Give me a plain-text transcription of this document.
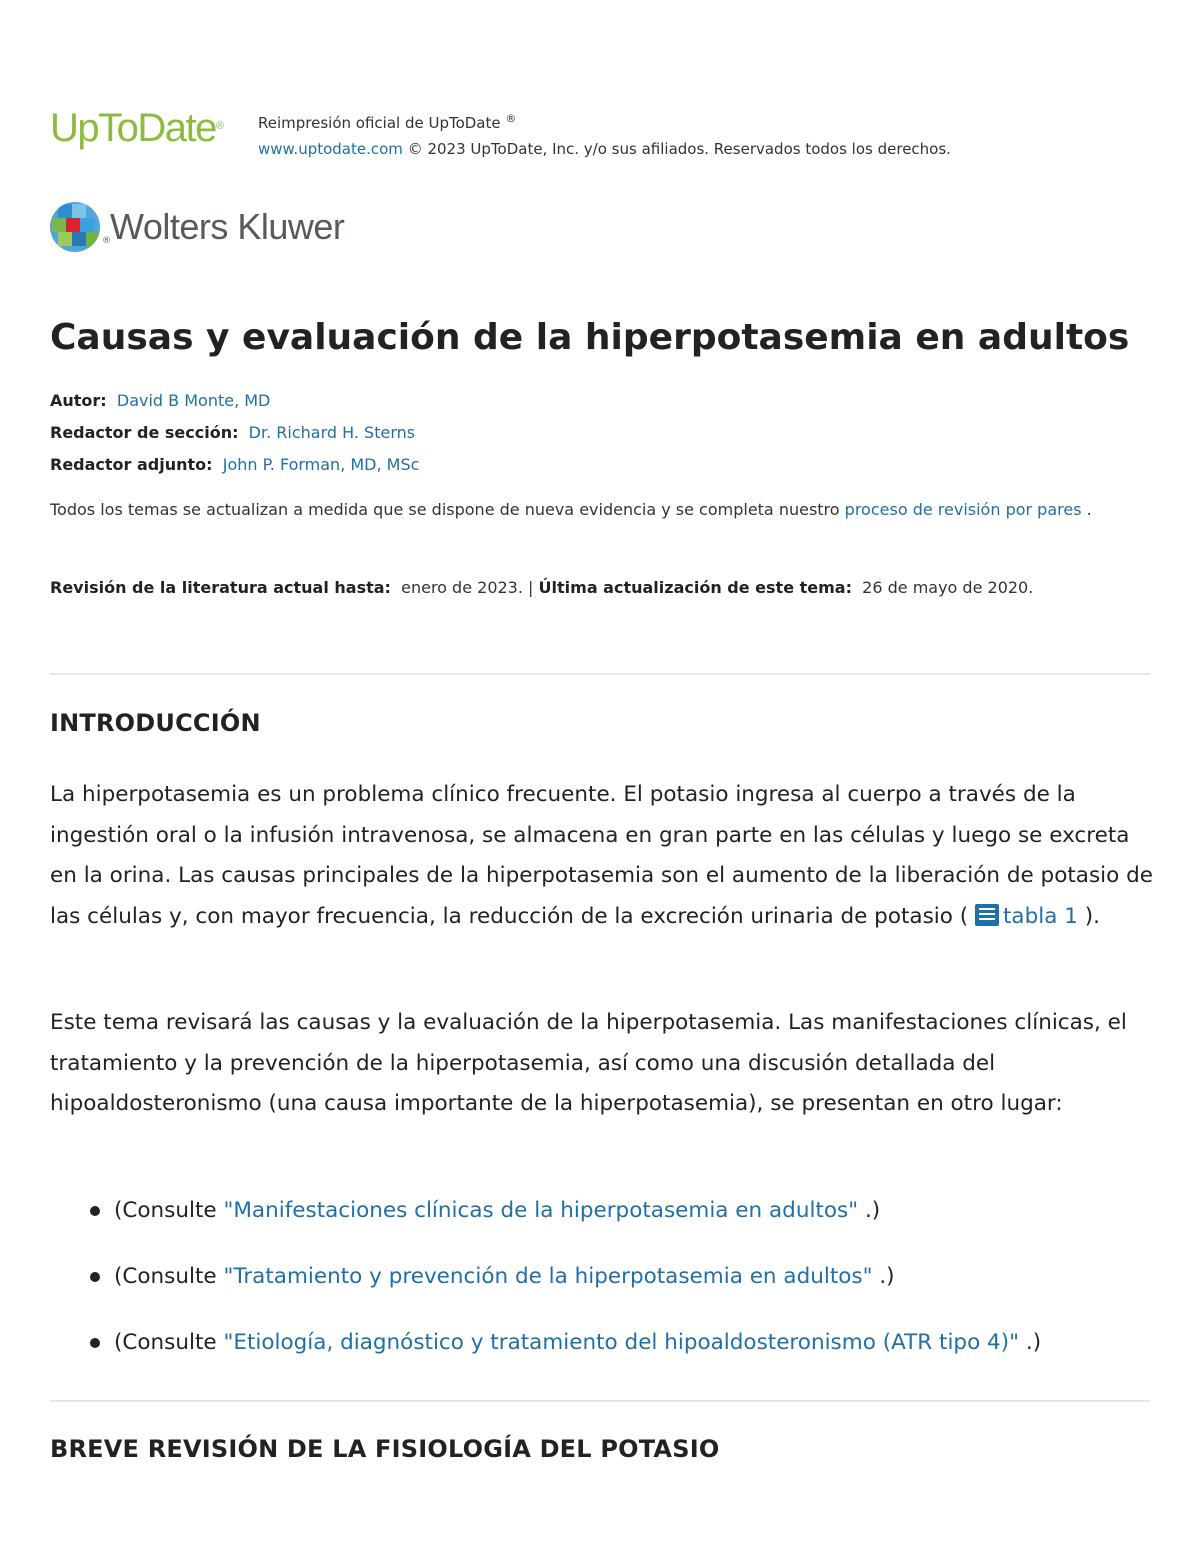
UpToDate® Reimpresión oficial de UpToDate ®
www.uptodate.com © 2023 UpToDate, Inc. y/o sus afiliados. Reservados todos los derechos.
® Wolters Kluwer
Causas y evaluación de la hiperpotasemia en adultos
Autor: David B Monte, MD
Redactor de sección: Dr. Richard H. Sterns
Redactor adjunto: John P. Forman, MD, MSc
Todos los temas se actualizan a medida que se dispone de nueva evidencia y se completa nuestro proceso de revisión por pares .
Revisión de la literatura actual hasta: enero de 2023. | Última actualización de este tema: 26 de mayo de 2020.
INTRODUCCIÓN
La hiperpotasemia es un problema clínico frecuente. El potasio ingresa al cuerpo a través de la ingestión oral o la infusión intravenosa, se almacena en gran parte en las células y luego se excreta en la orina. Las causas principales de la hiperpotasemia son el aumento de la liberación de potasio de las células y, con mayor frecuencia, la reducción de la excreción urinaria de potasio ( tabla 1 ).
Este tema revisará las causas y la evaluación de la hiperpotasemia. Las manifestaciones clínicas, el tratamiento y la prevención de la hiperpotasemia, así como una discusión detallada del hipoaldosteronismo (una causa importante de la hiperpotasemia), se presentan en otro lugar:
(Consulte "Manifestaciones clínicas de la hiperpotasemia en adultos" .)
(Consulte "Tratamiento y prevención de la hiperpotasemia en adultos" .)
(Consulte "Etiología, diagnóstico y tratamiento del hipoaldosteronismo (ATR tipo 4)" .)
BREVE REVISIÓN DE LA FISIOLOGÍA DEL POTASIO
